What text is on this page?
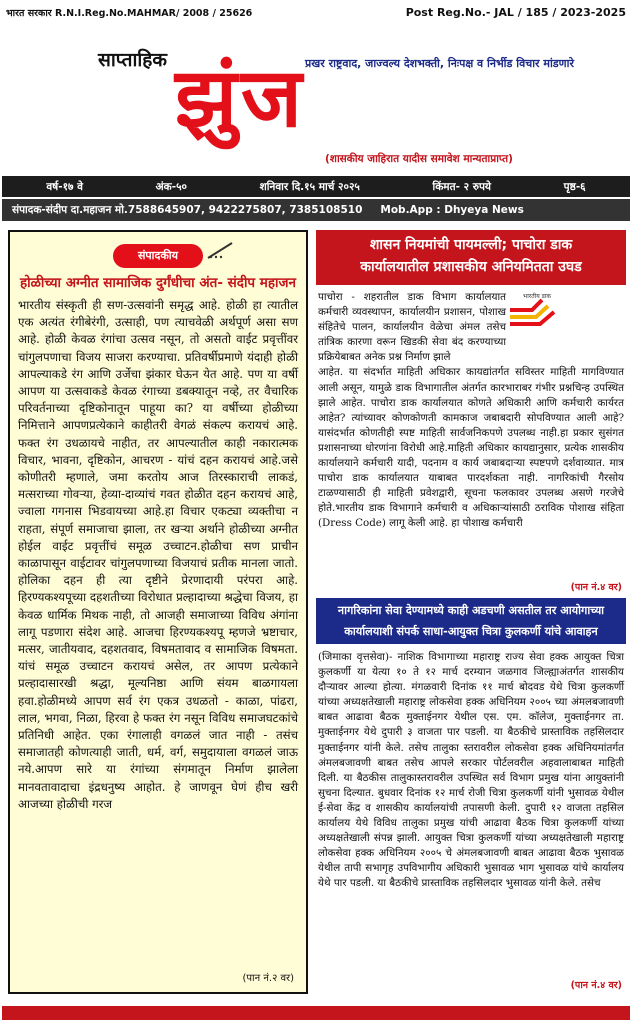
भारत सरकार R.N.I.Reg.No.MAHMAR/ 2008 / 25626	Post Reg.No.- JAL / 185 / 2023-2025
साप्ताहिक झुंज प्रखर राष्ट्रवाद, जाज्वल्य देशभक्ती, निःपक्ष व निर्भीड विचार मांडणारे
(शासकीय जाहिरात यादीस समावेश मान्यताप्राप्त)
वर्ष-१७ वे	अंक-५०	शनिवार दि.१५ मार्च २०२५	किंमत- २ रुपये	पृष्ठ-६
संपादक-संदीप दा.महाजन मो.7588645907, 9422275807, 7385108510 Mob.App : Dhyeya News
संपादकीय
होळीच्या अग्नीत सामाजिक दुर्गंधीचा अंत- संदीप महाजन
भारतीय संस्कृती ही सण-उत्सवांनी समृद्ध आहे. होळी हा त्यातील एक अत्यंत रंगीबेरंगी, उत्साही, पण त्याचवेळी अर्थपूर्ण असा सण आहे. होळी केवळ रंगांचा उत्सव नसून, तो असतो वाईट प्रवृत्तींवर चांगुलपणाचा विजय साजरा करण्याचा. प्रतिवर्षीप्रमाणे यंदाही होळी आपल्याकडे रंग आणि उर्जेचा झंकार घेऊन येत आहे. पण या वर्षी आपण या उत्सवाकडे केवळ रंगाच्या डबक्यातून नव्हे, तर वैचारिक परिवर्तनाच्या दृष्टिकोनातून पाहूया का? या वर्षीच्या होळीच्या निमित्ताने आपणप्रत्येकाने काहीतरी वेगळं संकल्प करायचं आहे. फक्त रंग उधळायचे नाहीत, तर आपल्यातील काही नकारात्मक विचार, भावना, दृष्टिकोन, आचरण - यांचं दहन करायचं आहे.जसे कोणीतरी म्हणाले, जमा करतोय आज तिरस्काराची लाकडं, मत्सराच्या गोवऱ्या, हेव्या-दाव्यांचं गवत होळीत दहन करायचं आहे, ज्वाला गगनास भिडवायच्या आहे.हा विचार एकट्या व्यक्तीचा न राहता, संपूर्ण समाजाचा झाला, तर खऱ्या अर्थाने होळीच्या अग्नीत होईल वाईट प्रवृत्तींचं समूळ उच्चाटन.होळीचा सण प्राचीन काळापासून वाईटावर चांगुलपणाच्या विजयाचं प्रतीक मानला जातो. होलिका दहन ही त्या दृष्टीने प्रेरणादायी परंपरा आहे. हिरण्यकश्यपूच्या दहशतीच्या विरोधात प्रल्हादाच्या श्रद्धेचा विजय, हा केवळ धार्मिक मिथक नाही, तो आजही समाजाच्या विविध अंगांना लागू पडणारा संदेश आहे. आजचा हिरण्यकश्यपू म्हणजे भ्रष्टाचार, मत्सर, जातीयवाद, दहशतवाद, विषमतावाद व सामाजिक विषमता. यांचं समूळ उच्चाटन करायचं असेल, तर आपण प्रत्येकाने प्रल्हादासारखी श्रद्धा, मूल्यनिष्ठा आणि संयम बाळगायला हवा.होळीमध्ये आपण सर्व रंग एकत्र उधळतो - काळा, पांढरा, लाल, भगवा, निळा, हिरवा हे फक्त रंग नसून विविध समाजघटकांचे प्रतिनिधी आहेत. एका रंगालाही वगळलं जात नाही - तसंच समाजातही कोणत्याही जाती, धर्म, वर्ग, समुदायाला वगळलं जाऊ नये.आपण सारे या रंगांच्या संगमातून निर्माण झालेला मानवतावादाचा इंद्रधनुष्य आहोत. हे जाणवून घेणं हीच खरी आजच्या होळीची गरज
(पान नं.२ वर)
शासन नियमांची पायमल्ली; पाचोरा डाक
कार्यालयातील प्रशासकीय अनियमितता उघड
पाचोरा - शहरातील डाक विभाग कार्यालयात कर्मचारी व्यवस्थापन, कार्यालयीन प्रशासन, पोशाख संहितेचे पालन, कार्यालयीन वेळेचा अंमल तसेच तांत्रिक कारणा वरून खिडकी सेवा बंद करण्याच्या प्रक्रियेबाबत अनेक प्रश्न निर्माण झाले
भारतीय डाक
आहेत. या संदर्भात माहिती अधिकार कायद्यांतर्गत सविस्तर माहिती मागविण्यात आली असून, यामुळे डाक विभागातील अंतर्गत कारभाराबर गंभीर प्रश्नचिन्ह उपस्थित झाले आहेत. पाचोरा डाक कार्यालयात कोणते अधिकारी आणि कर्मचारी कार्यरत आहेत? त्यांच्यावर कोणकोणती कामकाज जबाबदारी सोपविण्यात आली आहे? यासंदर्भात कोणतीही स्पष्ट माहिती सार्वजनिकपणे उपलब्ध नाही.हा प्रकार सुसंगत प्रशासनाच्या धोरणांना विरोधी आहे.माहिती अधिकार कायद्यानुसार, प्रत्येक शासकीय कार्यालयाने कर्मचारी यादी, पदनाम व कार्य जबाबदाऱ्या स्पष्टपणे दर्शवाव्यात. मात्र पाचोरा डाक कार्यालयात याबाबत पारदर्शकता नाही. नागरिकांची गैरसोय टाळण्यासाठी ही माहिती प्रवेशद्वारी, सूचना फलकावर उपलब्ध असणे गरजेचे होते.भारतीय डाक विभागाने कर्मचारी व अधिकाऱ्यांसाठी ठराविक पोशाख संहिता (Dress Code) लागू केली आहे. हा पोशाख कर्मचारी
(पान नं.४ वर)
नागरिकांना सेवा देण्यामध्ये काही अडचणी असतील तर आयोगाच्या
कार्यालयाशी संपर्क साधा-आयुक्त चित्रा कुलकर्णी यांचे आवाहन
(जिमाका वृत्तसेवा)- नाशिक विभागाच्या महाराष्ट्र राज्य सेवा हक्क आयुक्त चित्रा कुलकर्णी या येत्या १० ते १२ मार्च दरम्यान जळगाव जिल्ह्याअंतर्गत शासकीय दौऱ्यावर आल्या होत्या. मंगळवारी दिनांक ११ मार्च बोदवड येथे चित्रा कुलकर्णी यांच्या अध्यक्षतेखाली महाराष्ट्र लोकसेवा हक्क अधिनियम २००५ च्या अंमलबजावणी बाबत आढावा बैठक मुक्ताईनगर येथील एस. एम. कॉलेज, मुक्ताईनगर ता. मुक्ताईनगर येथे दुपारी ३ वाजता पार पडली. या बैठकीचे प्रास्ताविक तहसिलदार मुक्ताईनगर यांनी केले. तसेच तालुका स्तरावरील लोकसेवा हक्क अधिनियमांतर्गत अंमलबजावणी बाबत तसेच आपले सरकार पोर्टलवरील अहवालाबाबत माहिती दिली. या बैठकीस तालुकास्तरावरील उपस्थित सर्व विभाग प्रमुख यांना आयुक्तांनी सुचना दिल्यात. बुधवार दिनांक १२ मार्च रोजी चित्रा कुलकर्णी यांनी भुसावळ येथील ई-सेवा केंद्र व शासकीय कार्यालयांची तपासणी केली. दुपारी १२ वाजता तहसिल कार्यालय येथे विविध तालुका प्रमुख यांची आढावा बैठक चित्रा कुलकर्णी यांच्या अध्यक्षतेखाली संपन्न झाली. आयुक्त चित्रा कुलकर्णी यांच्या अध्यक्षतेखाली महाराष्ट्र लोकसेवा हक्क अधिनियम २००५ चे अंमलबजावणी बाबत आढावा बैठक भुसावळ येथील तापी सभागृह उपविभागीय अधिकारी भुसावळ भाग भुसावळ यांचे कार्यालय येथे पार पडली. या बैठकीचे प्रास्ताविक तहसिलदार भुसावळ यांनी केले. तसेच
(पान नं.४ वर)
